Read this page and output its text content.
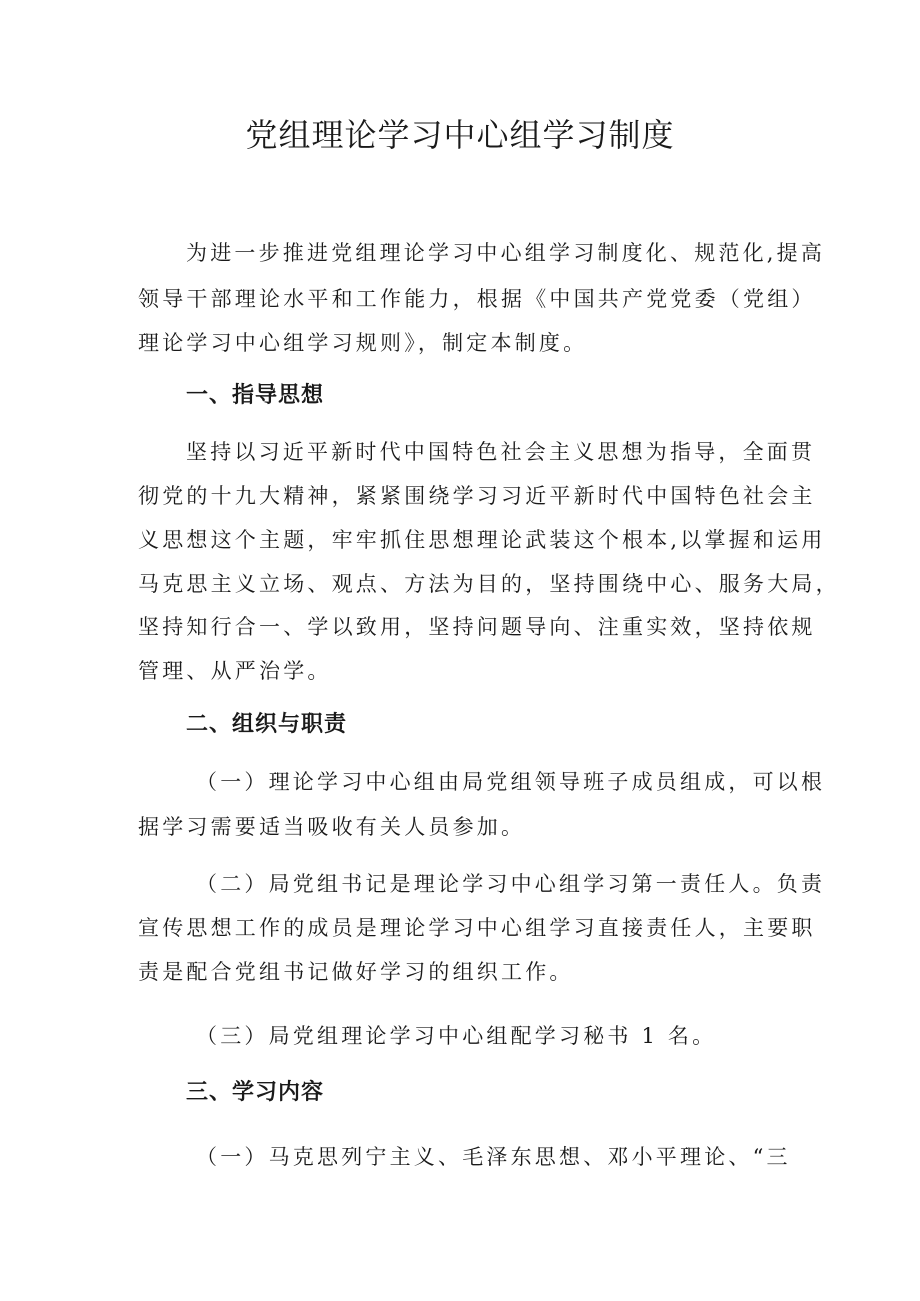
党组理论学习中心组学习制度
为进一步推进党组理论学习中心组学习制度化、规范化,提高
领导干部理论水平和工作能力，根据《中国共产党党委（党组）
理论学习中心组学习规则》，制定本制度。
一、指导思想
坚持以习近平新时代中国特色社会主义思想为指导，全面贯
彻党的十九大精神，紧紧围绕学习习近平新时代中国特色社会主
义思想这个主题，牢牢抓住思想理论武装这个根本,以掌握和运用
马克思主义立场、观点、方法为目的，坚持围绕中心、服务大局，
坚持知行合一、学以致用，坚持问题导向、注重实效，坚持依规
管理、从严治学。
二、组织与职责
（一）理论学习中心组由局党组领导班子成员组成，可以根
据学习需要适当吸收有关人员参加。
（二）局党组书记是理论学习中心组学习第一责任人。负责
宣传思想工作的成员是理论学习中心组学习直接责任人，主要职
责是配合党组书记做好学习的组织工作。
（三）局党组理论学习中心组配学习秘书 1 名。
三、学习内容
（一）马克思列宁主义、毛泽东思想、邓小平理论、“三
